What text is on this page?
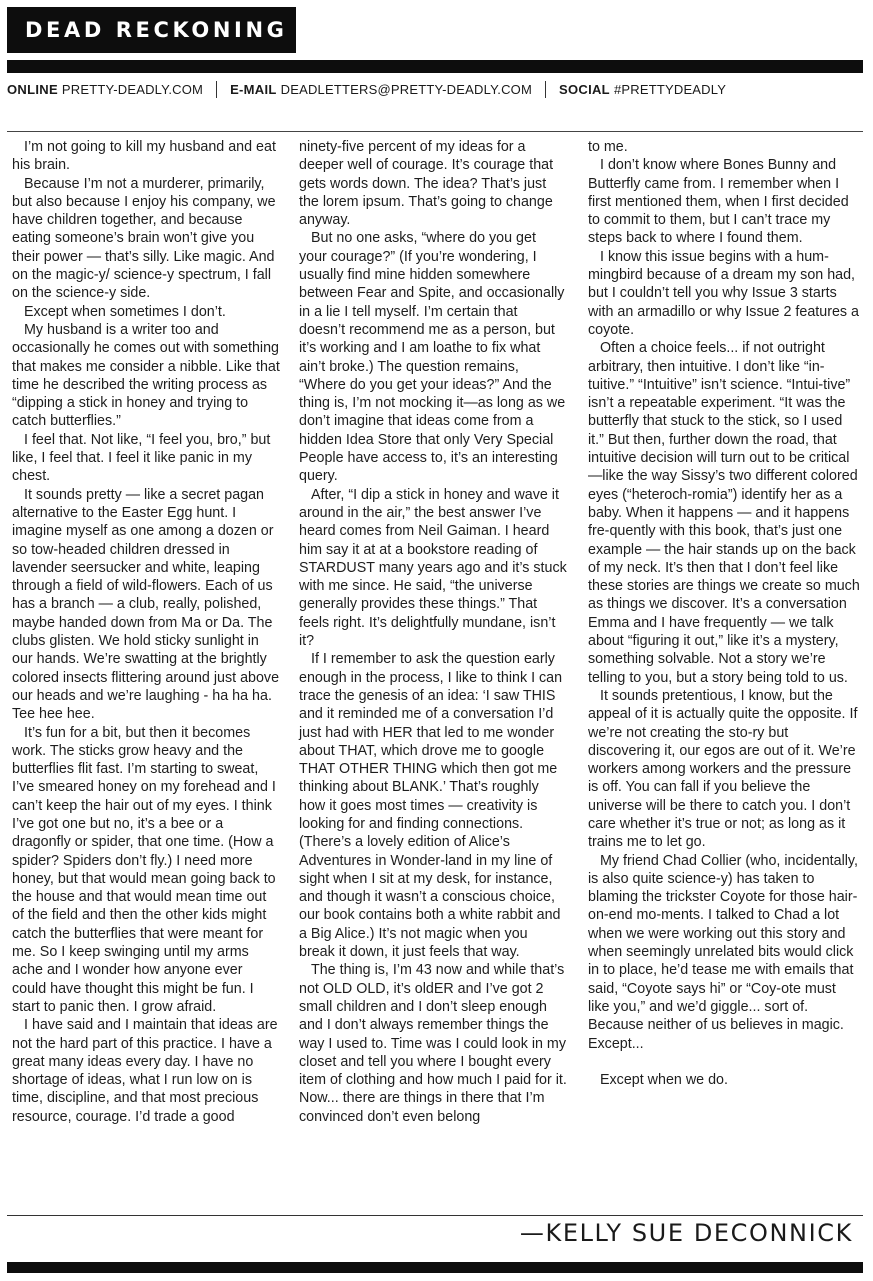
DEAD RECKONING
ONLINE PRETTY-DEADLY.COM E-MAIL DEADLETTERS@PRETTY-DEADLY.COM SOCIAL #PRETTYDEADLY

I’m not going to kill my husband and eat his brain.

Because I’m not a murderer, primarily, but also because I enjoy his company, we have children together, and because eating someone’s brain won’t give you their power — that’s silly. Like magic. And on the magic-y/ science-y spectrum, I fall on the science-y side.

Except when sometimes I don’t.

My husband is a writer too and occasionally he comes out with something that makes me consider a nibble. Like that time he described the writing process as “dipping a stick in honey and trying to catch butterflies.”

I feel that. Not like, “I feel you, bro,” but like, I feel that. I feel it like panic in my chest.

It sounds pretty — like a secret pagan alternative to the Easter Egg hunt. I imagine myself as one among a dozen or so tow-headed children dressed in lavender seersucker and white, leaping through a field of wild-flowers. Each of us has a branch — a club, really, polished, maybe handed down from Ma or Da. The clubs glisten. We hold sticky sunlight in our hands. We’re swatting at the brightly colored insects flittering around just above our heads and we’re laughing - ha ha ha. Tee hee hee.

It’s fun for a bit, but then it becomes work. The sticks grow heavy and the butterflies flit fast. I’m starting to sweat, I’ve smeared honey on my forehead and I can’t keep the hair out of my eyes. I think I’ve got one but no, it’s a bee or a dragonfly or spider, that one time. (How a spider? Spiders don’t fly.) I need more honey, but that would mean going back to the house and that would mean time out of the field and then the other kids might catch the butterflies that were meant for me. So I keep swinging until my arms ache and I wonder how anyone ever could have thought this might be fun. I start to panic then. I grow afraid.

I have said and I maintain that ideas are not the hard part of this practice. I have a great many ideas every day. I have no shortage of ideas, what I run low on is time, discipline, and that most precious resource, courage. I’d trade a good

ninety-five percent of my ideas for a deeper well of courage. It’s courage that gets words down. The idea? That’s just the lorem ipsum. That’s going to change anyway.

But no one asks, “where do you get your courage?” (If you’re wondering, I usually find mine hidden somewhere between Fear and Spite, and occasionally in a lie I tell myself. I’m certain that doesn’t recommend me as a person, but it’s working and I am loathe to fix what ain’t broke.) The question remains, “Where do you get your ideas?” And the thing is, I’m not mocking it—as long as we don’t imagine that ideas come from a hidden Idea Store that only Very Special People have access to, it’s an interesting query.

After, “I dip a stick in honey and wave it around in the air,” the best answer I’ve heard comes from Neil Gaiman. I heard him say it at at a bookstore reading of STARDUST many years ago and it’s stuck with me since. He said, “the universe generally provides these things.” That feels right. It’s delightfully mundane, isn’t it?

If I remember to ask the question early enough in the process, I like to think I can trace the genesis of an idea: ‘I saw THIS and it reminded me of a conversation I’d just had with HER that led to me wonder about THAT, which drove me to google THAT OTHER THING which then got me thinking about BLANK.’ That’s roughly how it goes most times — creativity is looking for and finding connections. (There’s a lovely edition of Alice’s Adventures in Wonder-land in my line of sight when I sit at my desk, for instance, and though it wasn’t a conscious choice, our book contains both a white rabbit and a Big Alice.) It’s not magic when you break it down, it just feels that way.

The thing is, I’m 43 now and while that’s not OLD OLD, it’s oldER and I’ve got 2 small children and I don’t sleep enough and I don’t always remember things the way I used to. Time was I could look in my closet and tell you where I bought every item of clothing and how much I paid for it. Now... there are things in there that I’m convinced don’t even belong

to me.

I don’t know where Bones Bunny and Butterfly came from. I remember when I first mentioned them, when I first decided to commit to them, but I can’t trace my steps back to where I found them.

I know this issue begins with a hum-mingbird because of a dream my son had, but I couldn’t tell you why Issue 3 starts with an armadillo or why Issue 2 features a coyote.

Often a choice feels... if not outright arbitrary, then intuitive. I don’t like “in-tuitive.” “Intuitive” isn’t science. “Intui-tive” isn’t a repeatable experiment. “It was the butterfly that stuck to the stick, so I used it.” But then, further down the road, that intuitive decision will turn out to be critical—like the way Sissy’s two different colored eyes (“heteroch-romia”) identify her as a baby. When it happens — and it happens fre-quently with this book, that’s just one example — the hair stands up on the back of my neck. It’s then that I don’t feel like these stories are things we create so much as things we discover. It’s a conversation Emma and I have frequently — we talk about “figuring it out,” like it’s a mystery, something solvable. Not a story we’re telling to you, but a story being told to us.

It sounds pretentious, I know, but the appeal of it is actually quite the opposite. If we’re not creating the sto-ry but discovering it, our egos are out of it. We’re workers among workers and the pressure is off. You can fall if you believe the universe will be there to catch you. I don’t care whether it’s true or not; as long as it trains me to let go.

My friend Chad Collier (who, incidentally, is also quite science-y) has taken to blaming the trickster Coyote for those hair-on-end mo-ments. I talked to Chad a lot when we were working out this story and when seemingly unrelated bits would click in to place, he’d tease me with emails that said, “Coyote says hi” or “Coy-ote must like you,” and we’d giggle... sort of. Because neither of us believes in magic. Except...

Except when we do.

—KELLY SUE DECONNICK
